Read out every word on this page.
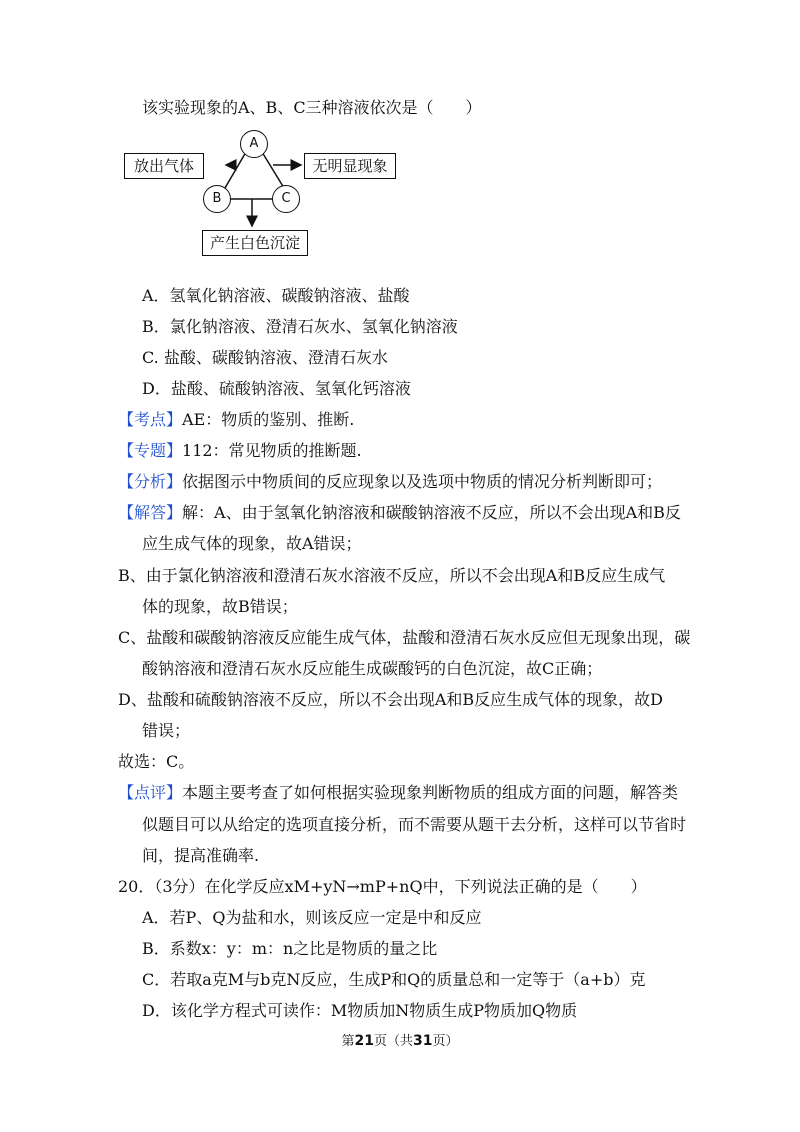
该实验现象的A、B、C三种溶液依次是（　　）
A
B	C
放出气体	无明显现象
产生白色沉淀
A．氢氧化钠溶液、碳酸钠溶液、盐酸
B．氯化钠溶液、澄清石灰水、氢氧化钠溶液
C. 盐酸、碳酸钠溶液、澄清石灰水
D．盐酸、硫酸钠溶液、氢氧化钙溶液
【考点】AE：物质的鉴别、推断.
【专题】112：常见物质的推断题.
【分析】依据图示中物质间的反应现象以及选项中物质的情况分析判断即可；
【解答】解：A、由于氢氧化钠溶液和碳酸钠溶液不反应，所以不会出现A和B反
应生成气体的现象，故A错误；
B、由于氯化钠溶液和澄清石灰水溶液不反应，所以不会出现A和B反应生成气
体的现象，故B错误；
C、盐酸和碳酸钠溶液反应能生成气体，盐酸和澄清石灰水反应但无现象出现，碳
酸钠溶液和澄清石灰水反应能生成碳酸钙的白色沉淀，故C正确；
D、盐酸和硫酸钠溶液不反应，所以不会出现A和B反应生成气体的现象，故D
错误；
故选：C。
【点评】本题主要考查了如何根据实验现象判断物质的组成方面的问题，解答类
似题目可以从给定的选项直接分析，而不需要从题干去分析，这样可以节省时
间，提高准确率.
20．（3分）在化学反应xM+yN→mP+nQ中，下列说法正确的是（　　）
A．若P、Q为盐和水，则该反应一定是中和反应
B．系数x：y：m：n之比是物质的量之比
C．若取a克M与b克N反应，生成P和Q的质量总和一定等于（a+b）克
D．该化学方程式可读作：M物质加N物质生成P物质加Q物质
第21页（共31页）
